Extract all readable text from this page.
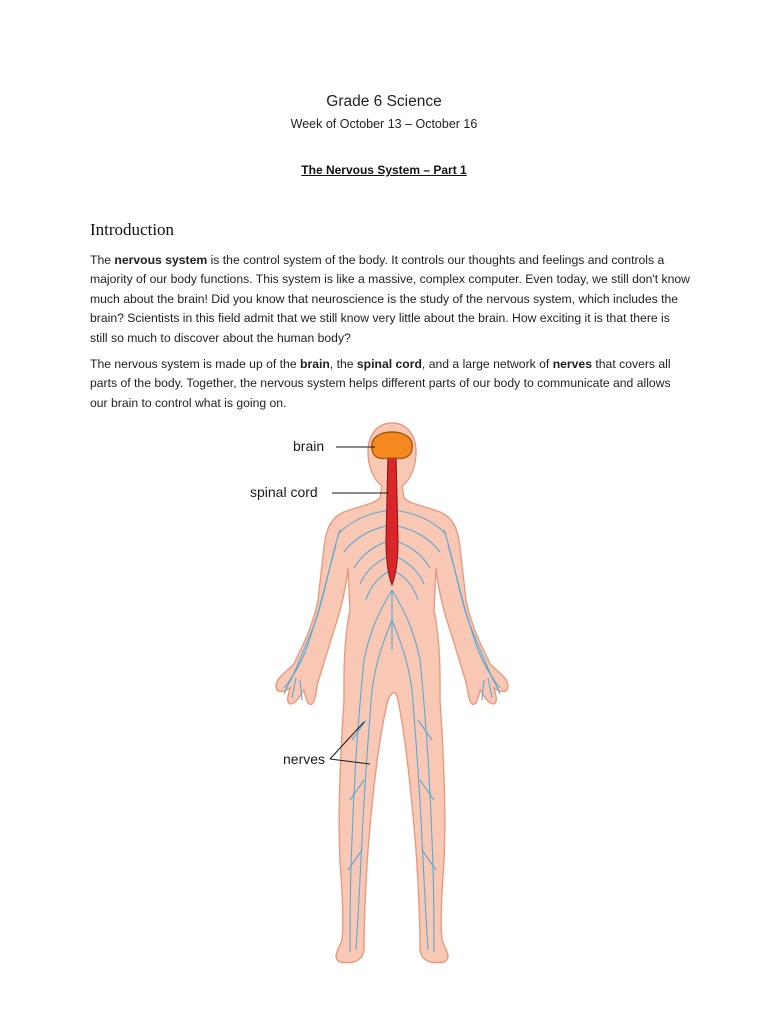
Grade 6 Science
Week of October 13 – October 16
The Nervous System – Part 1
Introduction

The nervous system is the control system of the body. It controls our thoughts and feelings and controls a majority of our body functions. This system is like a massive, complex computer. Even today, we still don't know much about the brain! Did you know that neuroscience is the study of the nervous system, which includes the brain? Scientists in this field admit that we still know very little about the brain. How exciting it is that there is still so much to discover about the human body?

The nervous system is made up of the brain, the spinal cord, and a large network of nerves that covers all parts of the body. Together, the nervous system helps different parts of our body to communicate and allows our brain to control what is going on.

brain
spinal cord
nerves
